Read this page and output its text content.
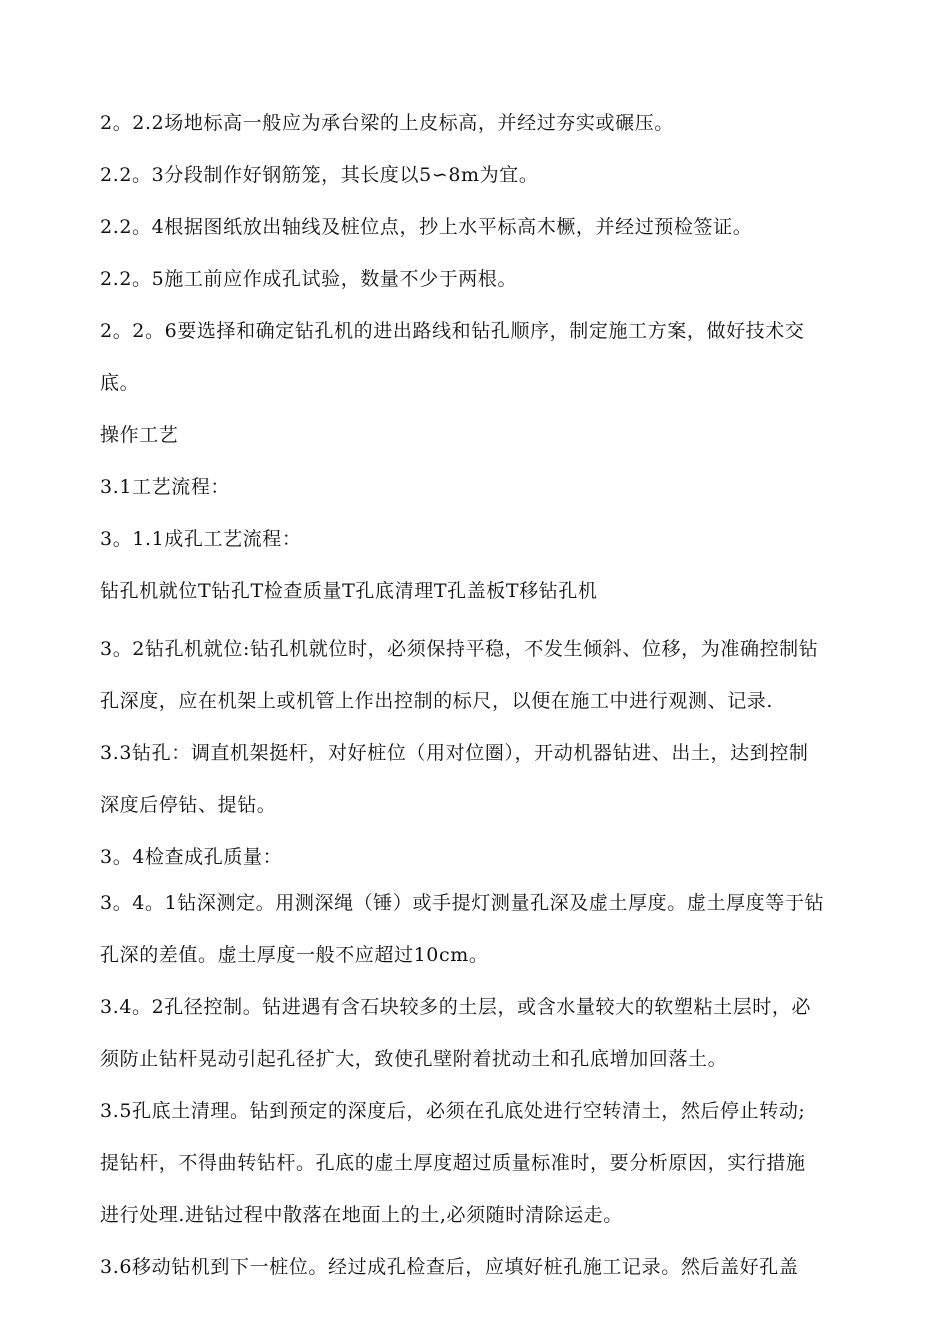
2。2.2场地标高一般应为承台梁的上皮标高，并经过夯实或碾压。
2.2。3分段制作好钢筋笼，其长度以5∽8m为宜。
2.2。4根据图纸放出轴线及桩位点，抄上水平标高木橛，并经过预检签证。
2.2。5施工前应作成孔试验，数量不少于两根。
2。2。6要选择和确定钻孔机的进出路线和钻孔顺序，制定施工方案，做好技术交
底。
操作工艺
3.1工艺流程：
3。1.1成孔工艺流程：
钻孔机就位T钻孔T检查质量T孔底清理T孔盖板T移钻孔机
3。2钻孔机就位:钻孔机就位时，必须保持平稳，不发生倾斜、位移，为准确控制钻
孔深度，应在机架上或机管上作出控制的标尺，以便在施工中进行观测、记录.
3.3钻孔：调直机架挺杆，对好桩位（用对位圈），开动机器钻进、出土，达到控制
深度后停钻、提钻。
3。4检查成孔质量：
3。4。1钻深测定。用测深绳（锤）或手提灯测量孔深及虚土厚度。虚土厚度等于钻
孔深的差值。虚土厚度一般不应超过10cm。
3.4。2孔径控制。钻进遇有含石块较多的土层，或含水量较大的软塑粘土层时，必
须防止钻杆晃动引起孔径扩大，致使孔壁附着扰动土和孔底增加回落土。
3.5孔底土清理。钻到预定的深度后，必须在孔底处进行空转清土，然后停止转动;
提钻杆，不得曲转钻杆。孔底的虚土厚度超过质量标准时，要分析原因，实行措施
进行处理.进钻过程中散落在地面上的土,必须随时清除运走。
3.6移动钻机到下一桩位。经过成孔检查后，应填好桩孔施工记录。然后盖好孔盖
